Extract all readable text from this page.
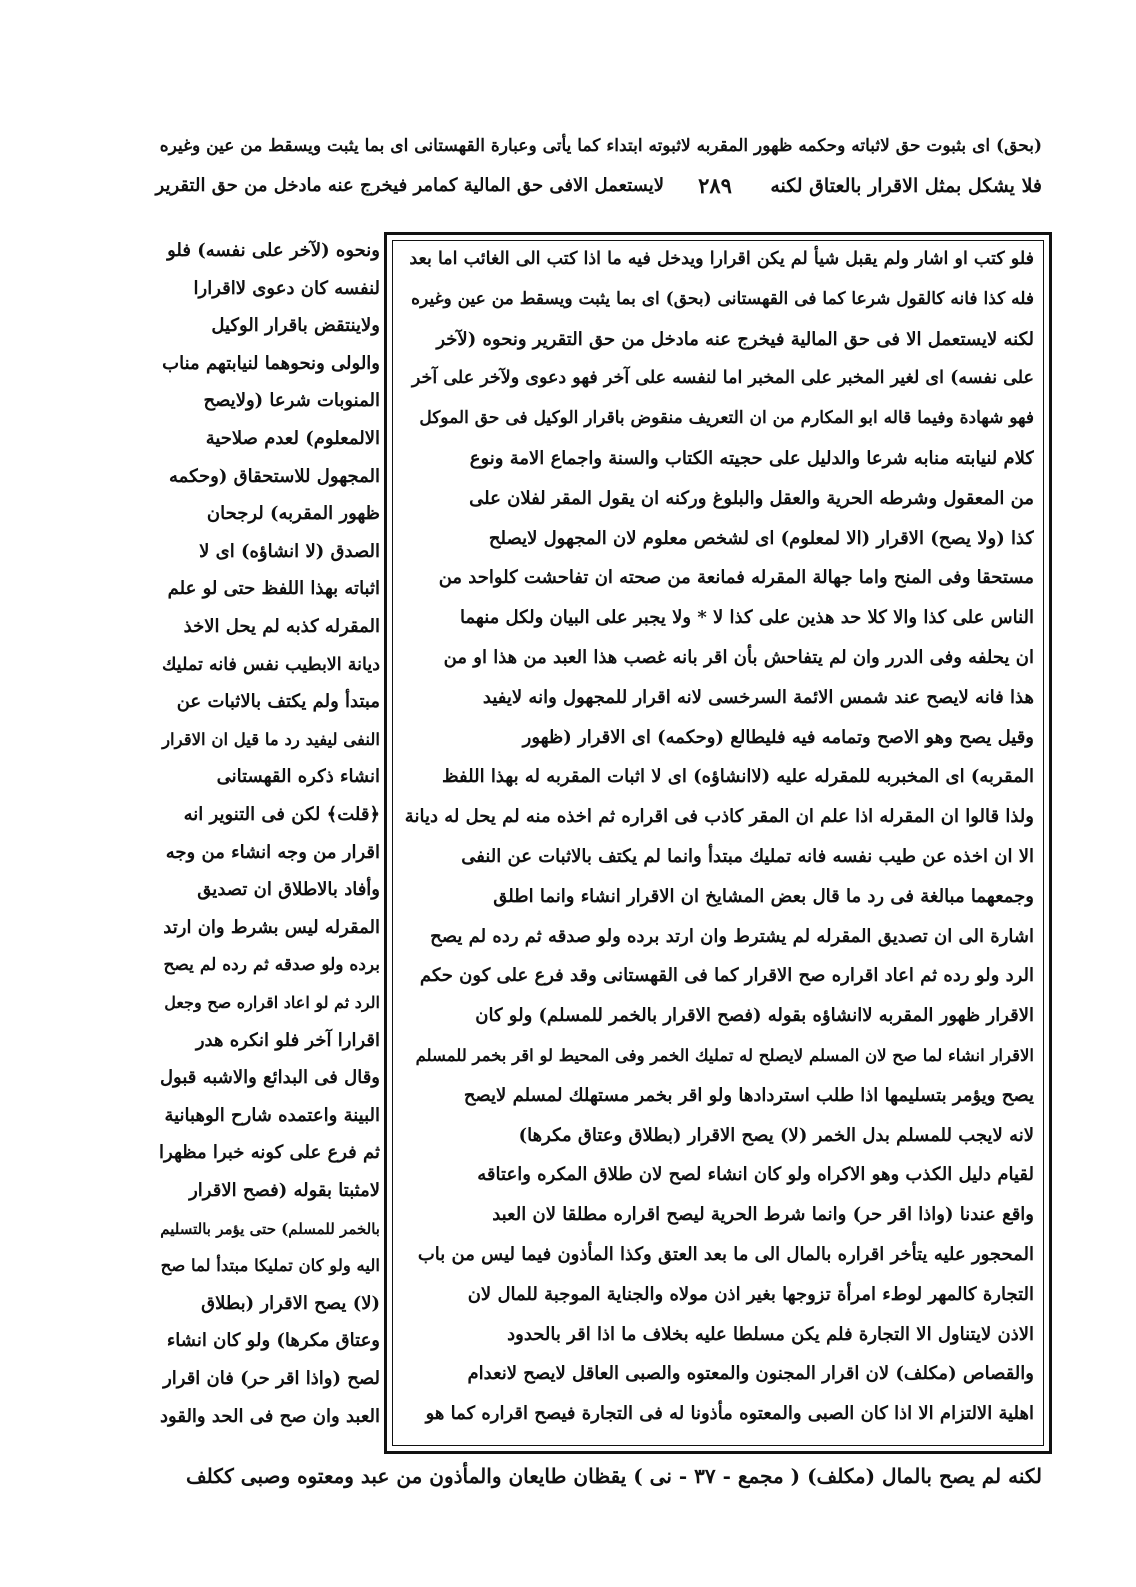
(بحق) اى بثبوت حق لاثباته وحكمه ظهور المقربه لاثبوته ابتداء كما يأتى وعبارة القهستانى اى بما يثبت ويسقط من عين وغيره
لايستعمل الافى حق المالية كمامر فيخرج عنه مادخل من حق التقرير	٢٨٩	فلا يشكل بمثل الاقرار بالعتاق لكنه
فلو كتب او اشار ولم يقبل شيأ لم يكن اقرارا ويدخل فيه ما اذا كتب الى الغائب اما بعد
فله كذا فانه كالقول شرعا كما فى القهستانى (بحق) اى بما يثبت ويسقط من عين وغيره
لكنه لايستعمل الا فى حق المالية فيخرج عنه مادخل من حق التقرير ونحوه (لآخر
على نفسه) اى لغير المخبر على المخبر اما لنفسه على آخر فهو دعوى ولآخر على آخر
فهو شهادة وفيما قاله ابو المكارم من ان التعريف منقوض باقرار الوكيل فى حق الموكل
كلام لنيابته منابه شرعا والدليل على حجيته الكتاب والسنة واجماع الامة ونوع
من المعقول وشرطه الحرية والعقل والبلوغ وركنه ان يقول المقر لفلان على
كذا (ولا يصح) الاقرار (الا لمعلوم) اى لشخص معلوم لان المجهول لايصلح
مستحقا وفى المنح واما جهالة المقرله فمانعة من صحته ان تفاحشت كلواحد من
الناس على كذا والا كلا حد هذين على كذا لا * ولا يجبر على البيان ولكل منهما
ان يحلفه وفى الدرر وان لم يتفاحش بأن اقر بانه غصب هذا العبد من هذا او من
هذا فانه لايصح عند شمس الائمة السرخسى لانه اقرار للمجهول وانه لايفيد
وقيل يصح وهو الاصح وتمامه فيه فليطالع (وحكمه) اى الاقرار (ظهور
المقربه) اى المخبربه للمقرله عليه (لاانشاؤه) اى لا اثبات المقربه له بهذا اللفظ
ولذا قالوا ان المقرله اذا علم ان المقر كاذب فى اقراره ثم اخذه منه لم يحل له ديانة
الا ان اخذه عن طيب نفسه فانه تمليك مبتدأ وانما لم يكتف بالاثبات عن النفى
وجمعهما مبالغة فى رد ما قال بعض المشايخ ان الاقرار انشاء وانما اطلق
اشارة الى ان تصديق المقرله لم يشترط وان ارتد برده ولو صدقه ثم رده لم يصح
الرد ولو رده ثم اعاد اقراره صح الاقرار كما فى القهستانى وقد فرع على كون حكم
الاقرار ظهور المقربه لاانشاؤه بقوله (فصح الاقرار بالخمر للمسلم) ولو كان
الاقرار انشاء لما صح لان المسلم لايصلح له تمليك الخمر وفى المحيط لو اقر بخمر للمسلم
يصح ويؤمر بتسليمها اذا طلب استردادها ولو اقر بخمر مستهلك لمسلم لايصح
لانه لايجب للمسلم بدل الخمر (لا) يصح الاقرار (بطلاق وعتاق مكرها)
لقيام دليل الكذب وهو الاكراه ولو كان انشاء لصح لان طلاق المكره واعتاقه
واقع عندنا (واذا اقر حر) وانما شرط الحرية ليصح اقراره مطلقا لان العبد
المحجور عليه يتأخر اقراره بالمال الى ما بعد العتق وكذا المأذون فيما ليس من باب
التجارة كالمهر لوطء امرأة تزوجها بغير اذن مولاه والجناية الموجبة للمال لان
الاذن لايتناول الا التجارة فلم يكن مسلطا عليه بخلاف ما اذا اقر بالحدود
والقصاص (مكلف) لان اقرار المجنون والمعتوه والصبى العاقل لايصح لانعدام
اهلية الالتزام الا اذا كان الصبى والمعتوه مأذونا له فى التجارة فيصح اقراره كما هو
ونحوه (لآخر على نفسه) فلو
لنفسه كان دعوى لااقرارا
ولاينتقض باقرار الوكيل
والولى ونحوهما لنيابتهم مناب
المنوبات شرعا (ولايصح
الالمعلوم) لعدم صلاحية
المجهول للاستحقاق (وحكمه
ظهور المقربه) لرجحان
الصدق (لا انشاؤه) اى لا
اثباته بهذا اللفظ حتى لو علم
المقرله كذبه لم يحل الاخذ
ديانة الابطيب نفس فانه تمليك
مبتدأ ولم يكتف بالاثبات عن
النفى ليفيد رد ما قيل ان الاقرار
انشاء ذكره القهستانى
﴿قلت﴾ لكن فى التنوير انه
اقرار من وجه انشاء من وجه
وأفاد بالاطلاق ان تصديق
المقرله ليس بشرط وان ارتد
برده ولو صدقه ثم رده لم يصح
الرد ثم لو اعاد اقراره صح وجعل
اقرارا آخر فلو انكره هدر
وقال فى البدائع والاشبه قبول
البينة واعتمده شارح الوهبانية
ثم فرع على كونه خبرا مظهرا
لامثبتا بقوله (فصح الاقرار
بالخمر للمسلم) حتى يؤمر بالتسليم
اليه ولو كان تمليكا مبتدأ لما صح
(لا) يصح الاقرار (بطلاق
وعتاق مكرها) ولو كان انشاء
لصح (واذا اقر حر) فان اقرار
العبد وان صح فى الحد والقود
لكنه لم يصح بالمال (مكلف) ( مجمع - ٣٧ - نى ) يقظان طايعان والمأذون من عبد ومعتوه وصبى ككلف
